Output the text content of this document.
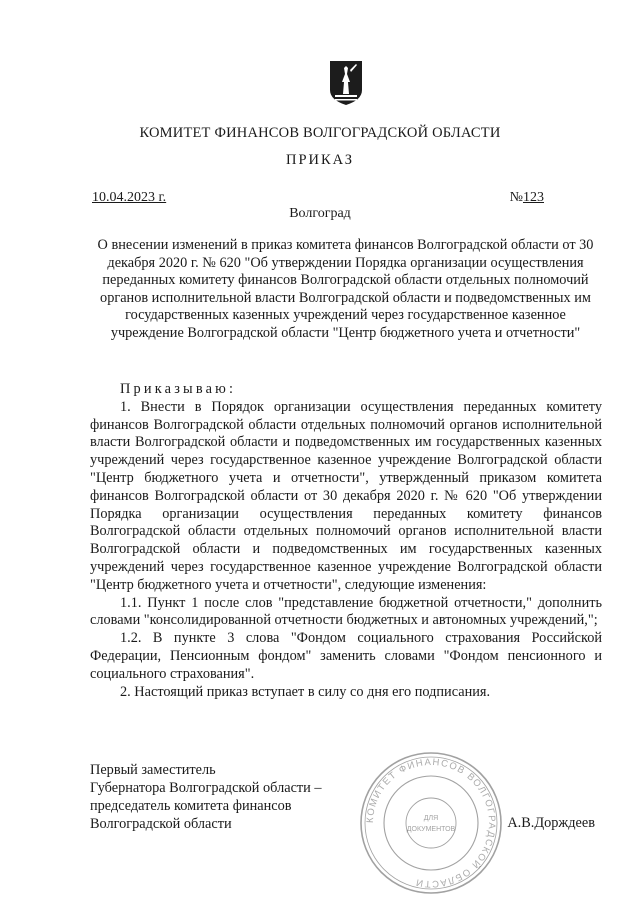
КОМИТЕТ ФИНАНСОВ ВОЛГОГРАДСКОЙ ОБЛАСТИ
ПРИКАЗ
10.04.2023 г.	№123
Волгоград
О внесении изменений в приказ комитета финансов Волгоградской области от 30 декабря 2020 г. № 620 "Об утверждении Порядка организации осуществления переданных комитету финансов Волгоградской области отдельных полномочий органов исполнительной власти Волгоградской области и подведомственных им государственных казенных учреждений через государственное казенное учреждение Волгоградской области "Центр бюджетного учета и отчетности"

Приказываю:

1. Внести в Порядок организации осуществления переданных комитету финансов Волгоградской области отдельных полномочий органов исполнительной власти Волгоградской области и подведомственных им государственных казенных учреждений через государственное казенное учреждение Волгоградской области "Центр бюджетного учета и отчетности", утвержденный приказом комитета финансов Волгоградской области от 30 декабря 2020 г. № 620 "Об утверждении Порядка организации осуществления переданных комитету финансов Волгоградской области отдельных полномочий органов исполнительной власти Волгоградской области и подведомственных им государственных казенных учреждений через государственное казенное учреждение Волгоградской области "Центр бюджетного учета и отчетности", следующие изменения:

1.1. Пункт 1 после слов "представление бюджетной отчетности," дополнить словами "консолидированной отчетности бюджетных и автономных учреждений,";

1.2. В пункте 3 слова "Фондом социального страхования Российской Федерации, Пенсионным фондом" заменить словами "Фондом пенсионного и социального страхования".

2. Настоящий приказ вступает в силу со дня его подписания.

Первый заместитель
Губернатора Волгоградской области –
председатель комитета финансов
Волгоградской области	КОМИТЕТ ФИНАНСОВ ВОЛГОГРАДСКОЙ ОБЛАСТИ
ДЛЯ
ДОКУМЕНТОВ	А.В.Дорждеев
